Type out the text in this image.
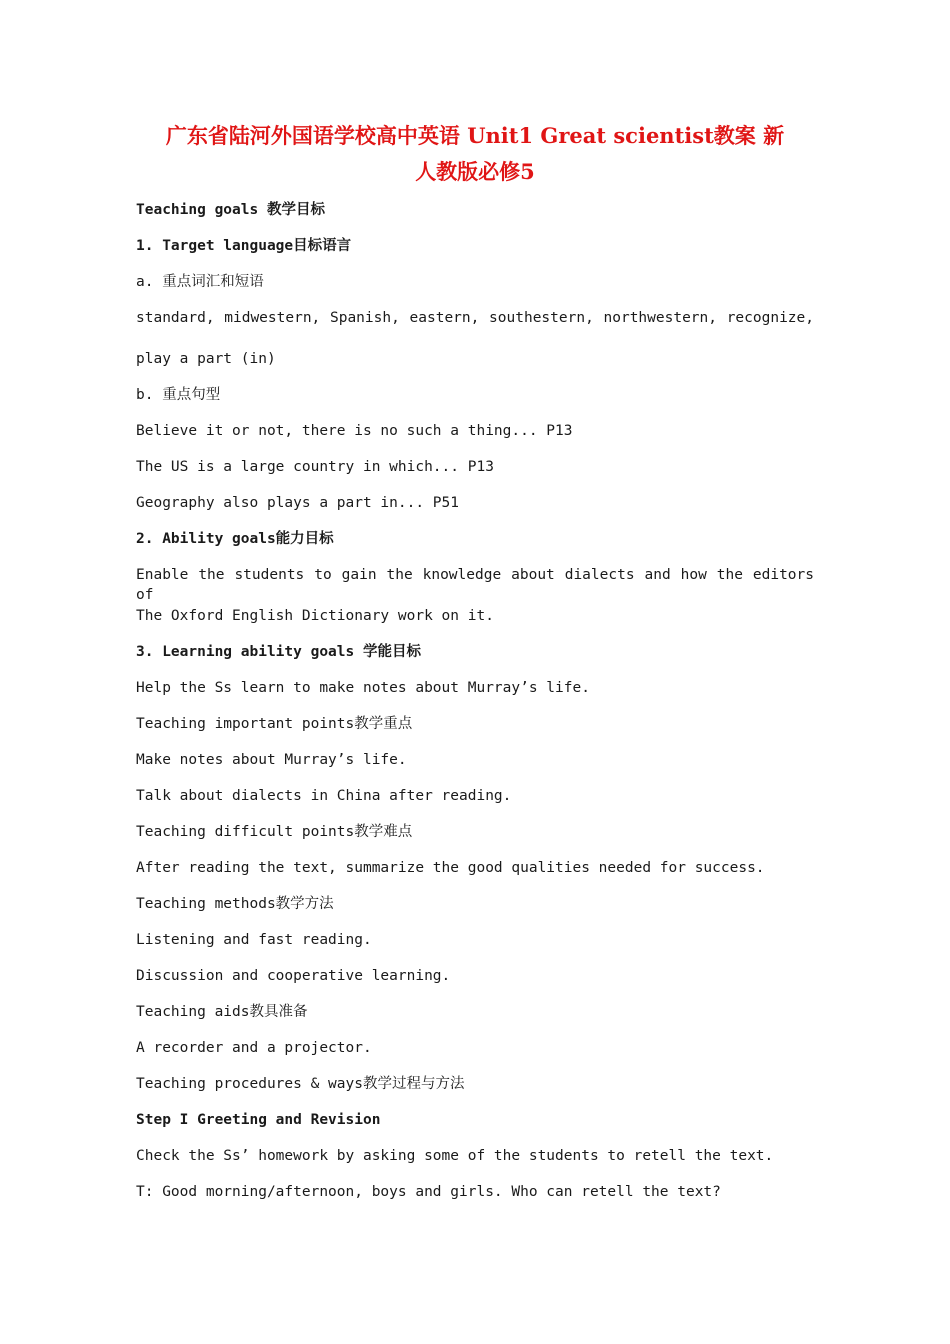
广东省陆河外国语学校高中英语 Unit1 Great scientist教案 新
人教版必修5
Teaching goals 教学目标
1. Target language目标语言
a. 重点词汇和短语
standard, midwestern, Spanish, eastern, southestern, northwestern, recognize,
play a part (in)
b. 重点句型
Believe it or not, there is no such a thing... P13
The US is a large country in which... P13
Geography also plays a part in... P51
2. Ability goals能力目标
Enable the students to gain the knowledge about dialects and how the editors of
The Oxford English Dictionary work on it.
3. Learning ability goals 学能目标
Help the Ss learn to make notes about Murray’s life.
Teaching important points教学重点
Make notes about Murray’s life.
Talk about dialects in China after reading.
Teaching difficult points教学难点
After reading the text, summarize the good qualities needed for success.
Teaching methods教学方法
Listening and fast reading.
Discussion and cooperative learning.
Teaching aids教具准备
A recorder and a projector.
Teaching procedures & ways教学过程与方法
Step I Greeting and Revision
Check the Ss’ homework by asking some of the students to retell the text.
T: Good morning/afternoon, boys and girls. Who can retell the text?
